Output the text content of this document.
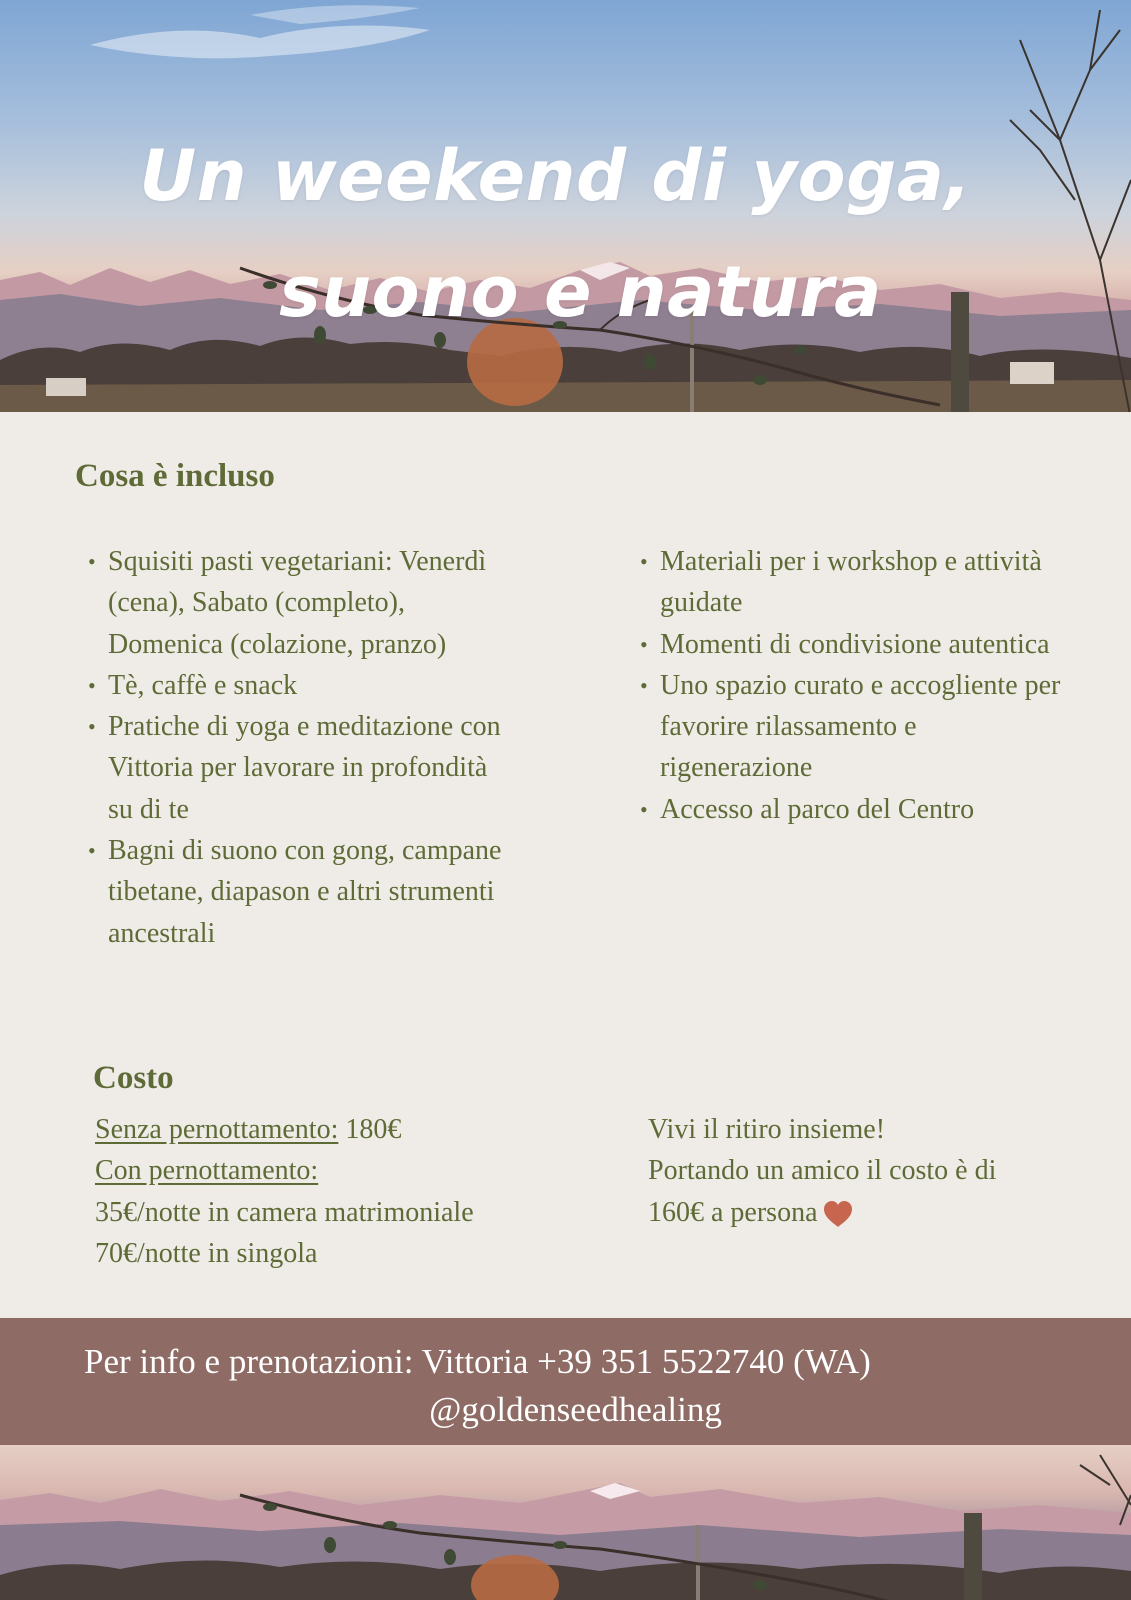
Un weekend di yoga,
suono e natura
Cosa è incluso
• Squisiti pasti vegetariani: Venerdì (cena), Sabato (completo), Domenica (colazione, pranzo)
• Tè, caffè e snack
• Pratiche di yoga e meditazione con Vittoria per lavorare in profondità su di te
• Bagni di suono con gong, campane tibetane, diapason e altri strumenti ancestrali
• Materiali per i workshop e attività guidate
• Momenti di condivisione autentica
• Uno spazio curato e accogliente per favorire rilassamento e rigenerazione
• Accesso al parco del Centro
Costo
Senza pernottamento: 180€
Con pernottamento:
35€/notte in camera matrimoniale
70€/notte in singola
Vivi il ritiro insieme!
Portando un amico il costo è di
160€ a persona
Per info e prenotazioni: Vittoria +39 351 5522740 (WA)
@goldenseedhealing
